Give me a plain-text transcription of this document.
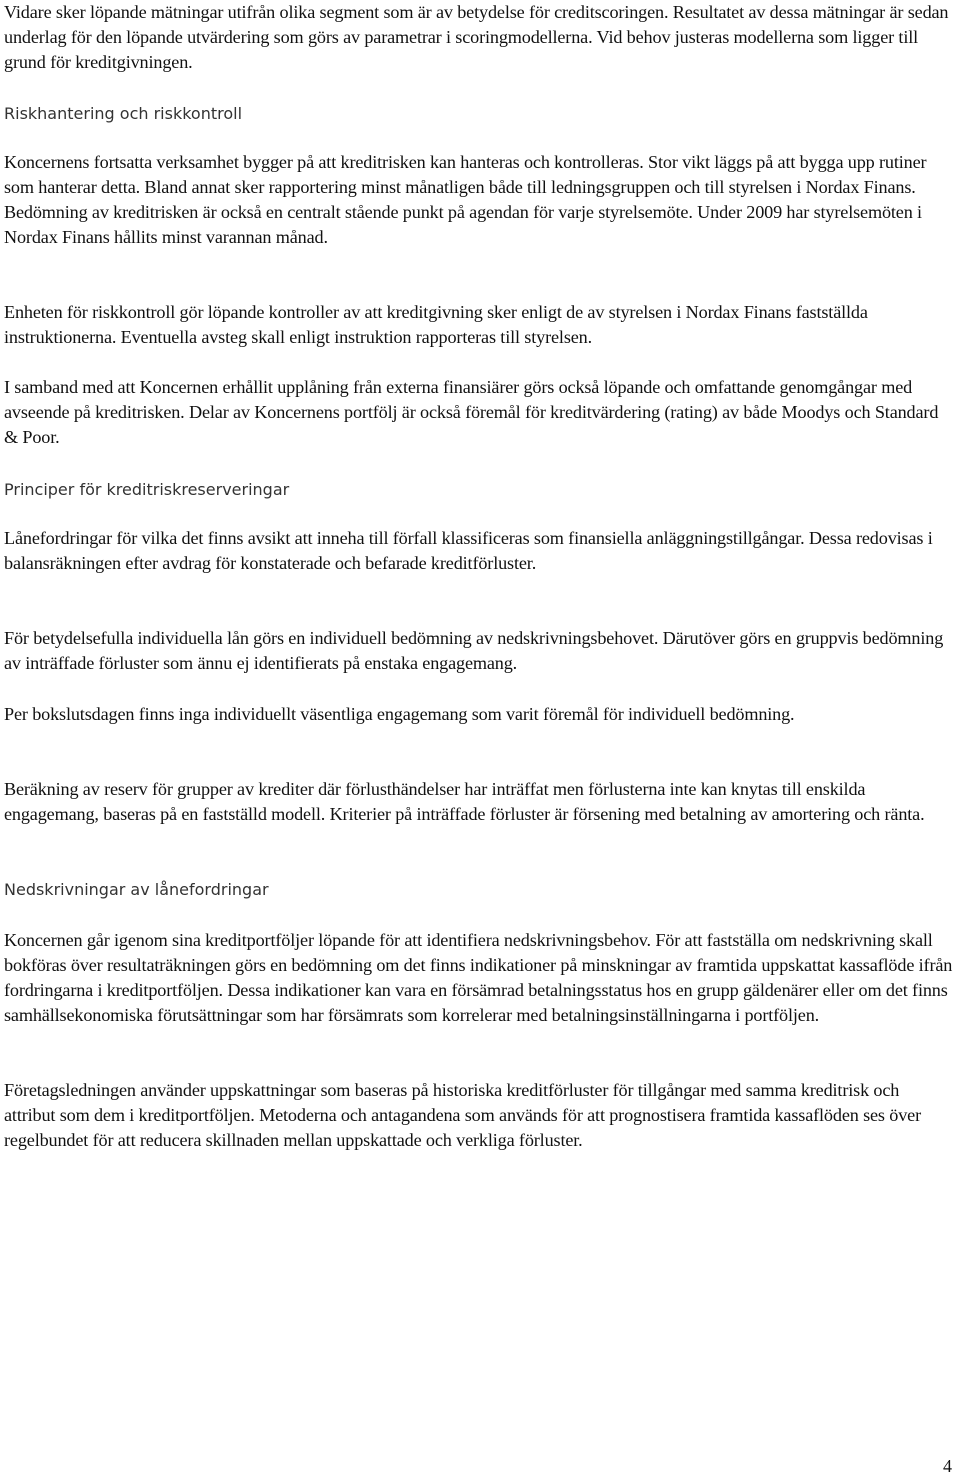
Vidare sker löpande mätningar utifrån olika segment som är av betydelse för creditscoringen. Resultatet av dessa mätningar är sedan underlag för den löpande utvärdering som görs av parametrar i scoringmodellerna. Vid behov justeras modellerna som ligger till grund för kreditgivningen.

Riskhantering och riskkontroll

Koncernens fortsatta verksamhet bygger på att kreditrisken kan hanteras och kontrolleras. Stor vikt läggs på att bygga upp rutiner som hanterar detta. Bland annat sker rapportering minst månatligen både till ledningsgruppen och till styrelsen i Nordax Finans. Bedömning av kreditrisken är också en centralt stående punkt på agendan för varje styrelsemöte. Under 2009 har styrelsemöten i Nordax Finans hållits minst varannan månad.

Enheten för riskkontroll gör löpande kontroller av att kreditgivning sker enligt de av styrelsen i Nordax Finans fastställda instruktionerna. Eventuella avsteg skall enligt instruktion rapporteras till styrelsen.

I samband med att Koncernen erhållit upplåning från externa finansiärer görs också löpande och omfattande genomgångar med avseende på kreditrisken. Delar av Koncernens portfölj är också föremål för kreditvärdering (rating) av både Moodys och Standard & Poor.

Principer för kreditriskreserveringar

Lånefordringar för vilka det finns avsikt att inneha till förfall klassificeras som finansiella anläggningstillgångar. Dessa redovisas i balansräkningen efter avdrag för konstaterade och befarade kreditförluster.

För betydelsefulla individuella lån görs en individuell bedömning av nedskrivningsbehovet. Därutöver görs en gruppvis bedömning av inträffade förluster som ännu ej identifierats på enstaka engagemang.

Per bokslutsdagen finns inga individuellt väsentliga engagemang som varit föremål för individuell bedömning.

Beräkning av reserv för grupper av krediter där förlusthändelser har inträffat men förlusterna inte kan knytas till enskilda engagemang, baseras på en fastställd modell. Kriterier på inträffade förluster är försening med betalning av amortering och ränta.

Nedskrivningar av lånefordringar

Koncernen går igenom sina kreditportföljer löpande för att identifiera nedskrivningsbehov. För att fastställa om nedskrivning skall bokföras över resultaträkningen görs en bedömning om det finns indikationer på minskningar av framtida uppskattat kassaflöde ifrån fordringarna i kreditportföljen. Dessa indikationer kan vara en försämrad betalningsstatus hos en grupp gäldenärer eller om det finns samhällsekonomiska förutsättningar som har försämrats som korrelerar med betalningsinställningarna i portföljen.

Företagsledningen använder uppskattningar som baseras på historiska kreditförluster för tillgångar med samma kreditrisk och attribut som dem i kreditportföljen. Metoderna och antagandena som används för att prognostisera framtida kassaflöden ses över regelbundet för att reducera skillnaden mellan uppskattade och verkliga förluster.

4
